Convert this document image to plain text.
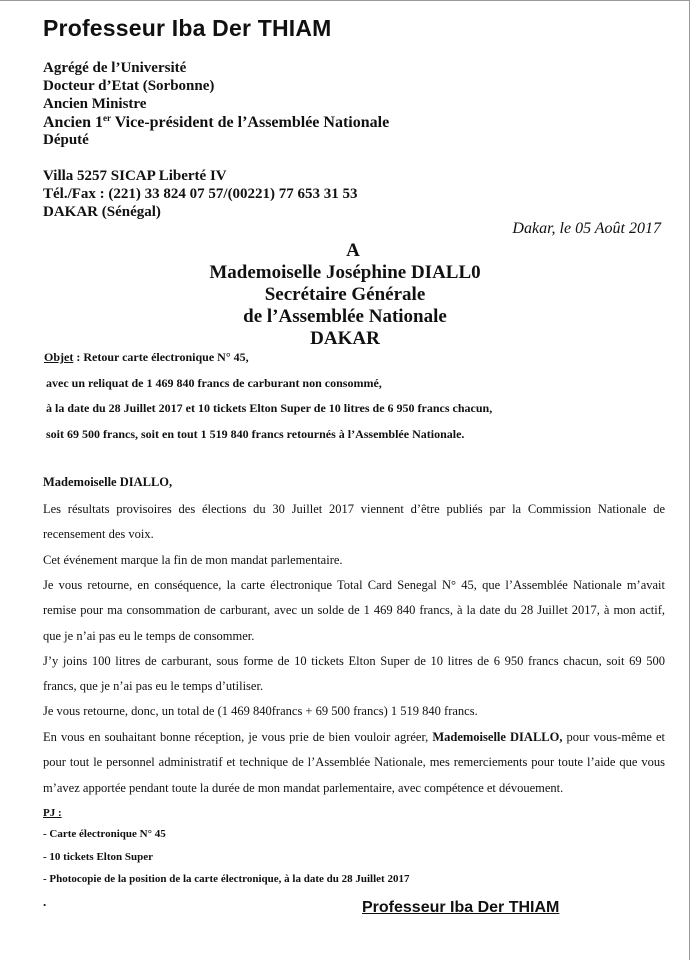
Professeur Iba Der THIAM
Agrégé de l’Université
Docteur d’Etat (Sorbonne)
Ancien Ministre
Ancien 1er Vice-président de l’Assemblée Nationale
Député
Villa 5257 SICAP Liberté IV
Tél./Fax : (221) 33 824 07 57/(00221) 77 653 31 53
DAKAR (Sénégal)
Dakar, le 05 Août 2017
A
Mademoiselle Joséphine DIALL0
Secrétaire Générale
de l’Assemblée Nationale
DAKAR
Objet : Retour carte électronique N° 45,
avec un reliquat de 1 469 840 francs de carburant non consommé,
à la date du 28 Juillet 2017 et 10 tickets Elton Super de 10 litres de 6 950 francs chacun,
soit 69 500 francs, soit en tout 1 519 840 francs retournés à l’Assemblée Nationale.
Mademoiselle DIALLO,
Les résultats provisoires des élections du 30 Juillet 2017 viennent d’être publiés par la Commission Nationale de
recensement des voix.
Cet événement marque la fin de mon mandat parlementaire.
Je vous retourne, en conséquence, la carte électronique Total Card Senegal N° 45, que l’Assemblée Nationale m’avait
remise pour ma consommation de carburant, avec un solde de 1 469 840 francs, à la date du 28 Juillet 2017, à mon actif,
que je n’ai pas eu le temps de consommer.
J’y joins 100 litres de carburant, sous forme de 10 tickets Elton Super de 10 litres de 6 950 francs chacun, soit 69 500
francs, que je n’ai pas eu le temps d’utiliser.
Je vous retourne, donc, un total de (1 469 840francs + 69 500 francs) 1 519 840 francs.
En vous en souhaitant bonne réception, je vous prie de bien vouloir agréer, Mademoiselle DIALLO, pour vous-même et
pour tout le personnel administratif et technique de l’Assemblée Nationale, mes remerciements pour toute l’aide que vous
m’avez apportée pendant toute la durée de mon mandat parlementaire, avec compétence et dévouement.
PJ :
- Carte électronique N° 45
- 10 tickets Elton Super
- Photocopie de la position de la carte électronique, à la date du 28 Juillet 2017
.	Professeur Iba Der THIAM
